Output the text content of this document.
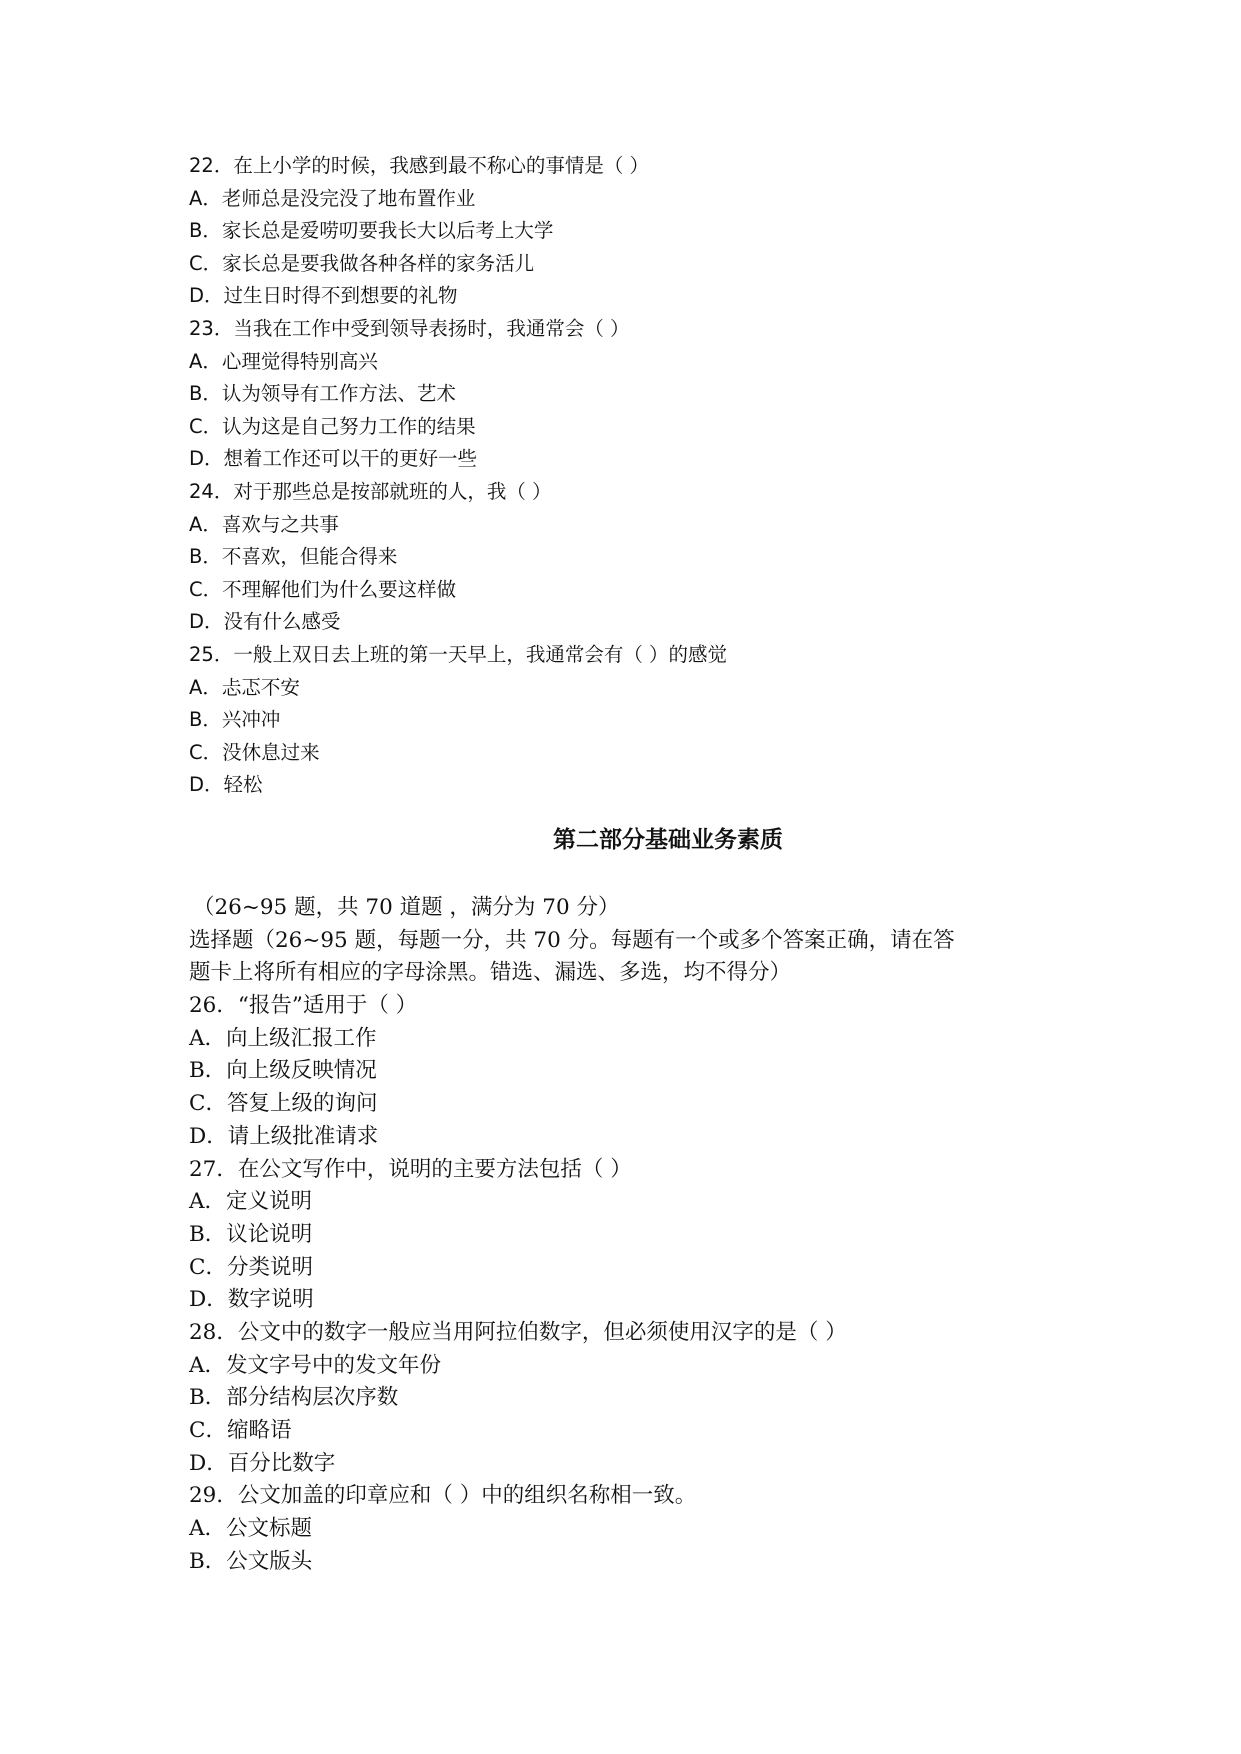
22．在上小学的时候，我感到最不称心的事情是（ ）
A．老师总是没完没了地布置作业
B．家长总是爱唠叨要我长大以后考上大学
C．家长总是要我做各种各样的家务活儿
D．过生日时得不到想要的礼物
23．当我在工作中受到领导表扬时，我通常会（ ）
A．心理觉得特别高兴
B．认为领导有工作方法、艺术
C．认为这是自己努力工作的结果
D．想着工作还可以干的更好一些
24．对于那些总是按部就班的人，我（ ）
A．喜欢与之共事
B．不喜欢，但能合得来
C．不理解他们为什么要这样做
D．没有什么感受
25．一般上双日去上班的第一天早上，我通常会有（ ）的感觉
A．忐忑不安
B．兴冲冲
C．没休息过来
D．轻松
第二部分基础业务素质
（26~95 题，共 70 道题 ，满分为 70 分）
选择题（26~95 题，每题一分，共 70 分。每题有一个或多个答案正确，请在答
题卡上将所有相应的字母涂黑。错选、漏选、多选，均不得分）
26．“报告”适用于（ ）
A．向上级汇报工作
B．向上级反映情况
C．答复上级的询问
D．请上级批准请求
27．在公文写作中，说明的主要方法包括（ ）
A．定义说明
B．议论说明
C．分类说明
D．数字说明
28．公文中的数字一般应当用阿拉伯数字，但必须使用汉字的是（ ）
A．发文字号中的发文年份
B．部分结构层次序数
C．缩略语
D．百分比数字
29．公文加盖的印章应和（ ）中的组织名称相一致。
A．公文标题
B．公文版头
